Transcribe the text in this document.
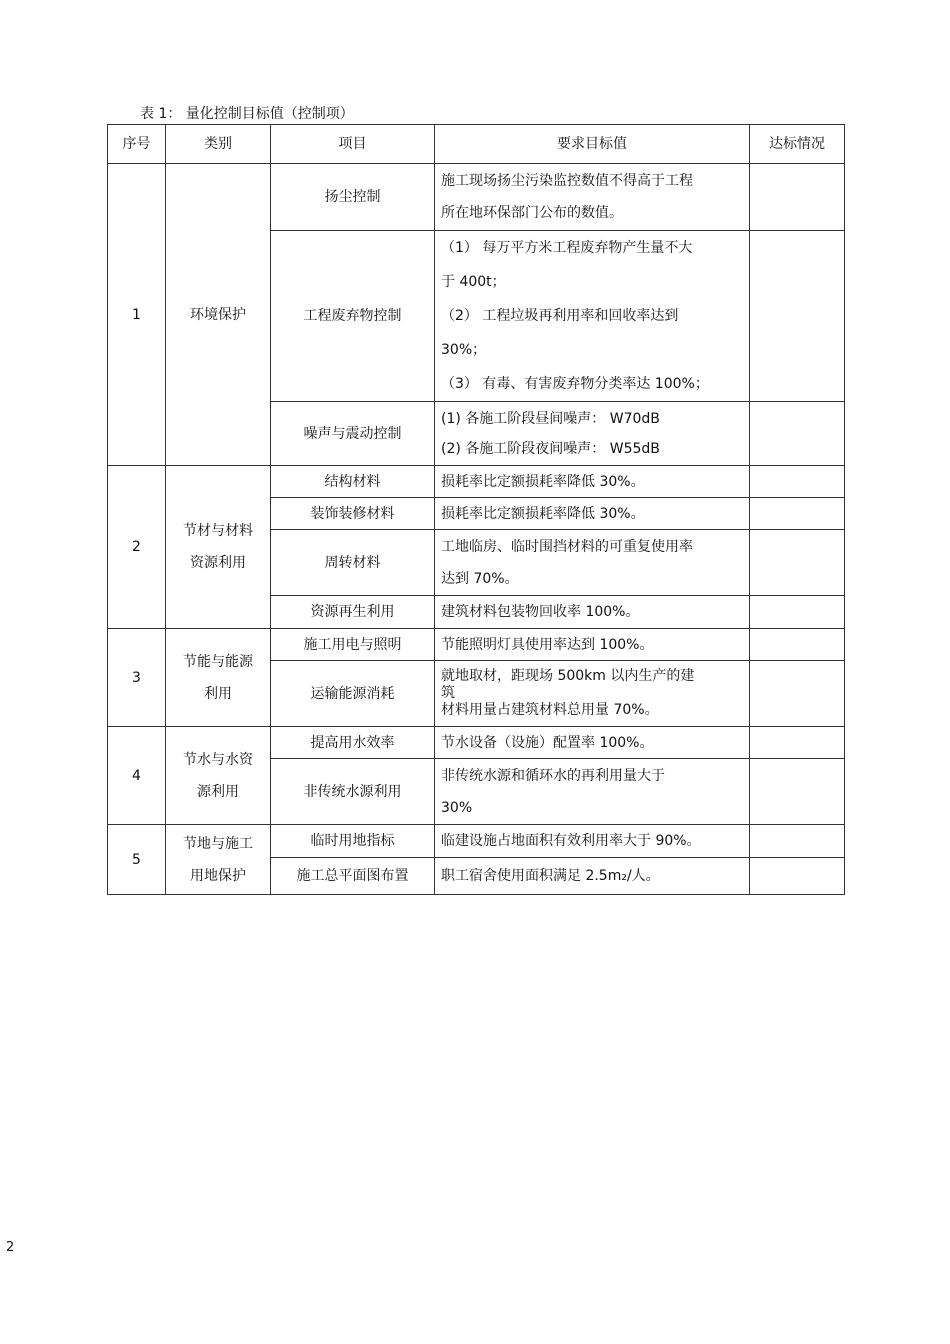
表 1： 量化控制目标值（控制项）
序号	类别	项目	要求目标值	达标情况
1	环境保护	扬尘控制	施工现场扬尘污染监控数值不得高于工程
所在地环保部门公布的数值。	

		工程废弃物控制	（1） 每万平方米工程废弃物产生量不大
于 400t；
（2） 工程垃圾再利用率和回收率达到
30%；
（3） 有毒、有害废弃物分类率达 100%；	

		噪声与震动控制	(1) 各施工阶段昼间噪声： W70dB
(2) 各施工阶段夜间噪声： W55dB	

2	节材与材料
资源利用	结构材料	损耗率比定额损耗率降低 30%。	

		装饰装修材料	损耗率比定额损耗率降低 30%。	

		周转材料	工地临房、临时围挡材料的可重复使用率
达到 70%。	

		资源再生利用	建筑材料包装物回收率 100%。	

3	节能与能源
利用	施工用电与照明	节能照明灯具使用率达到 100%。	

		运输能源消耗	就地取材，距现场 500km 以内生产的建
筑
材料用量占建筑材料总用量 70%。	

4	节水与水资
源利用	提高用水效率	节水设备（设施）配置率 100%。	

		非传统水源利用	非传统水源和循环水的再利用量大于
30%	

5	节地与施工
用地保护	临时用地指标	临建设施占地面积有效利用率大于 90%。	

		施工总平面图布置	职工宿舍使用面积满足 2.5m₂/人。	

2
